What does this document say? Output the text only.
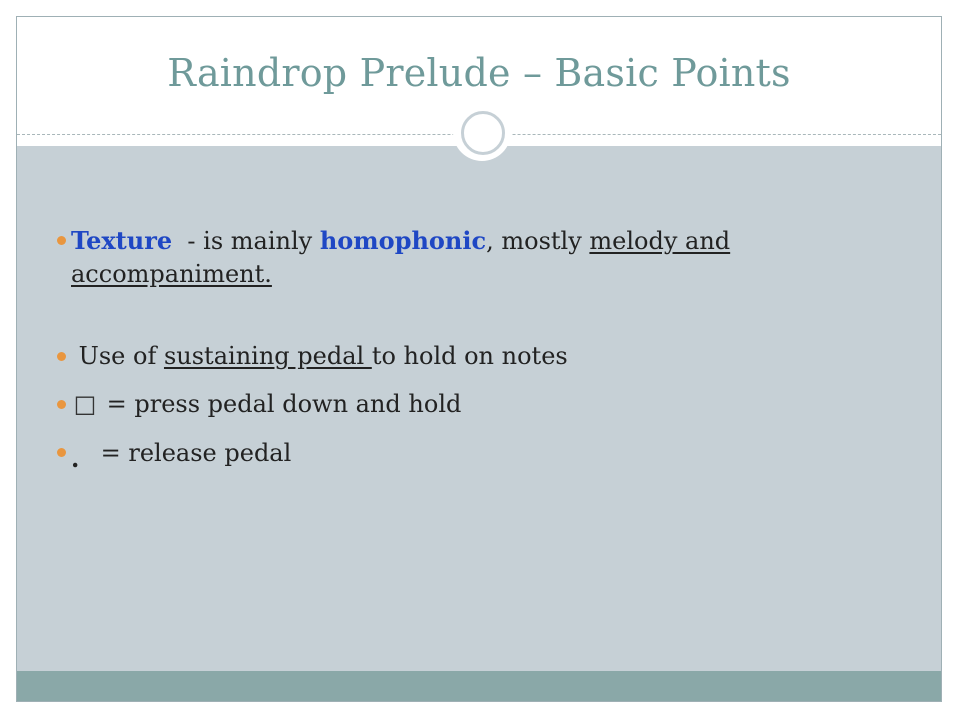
Raindrop Prelude – Basic Points
Texture  - is mainly homophonic, mostly melody and accompaniment.
Use of sustaining pedal to hold on notes
□ = press pedal down and hold
. = release pedal
